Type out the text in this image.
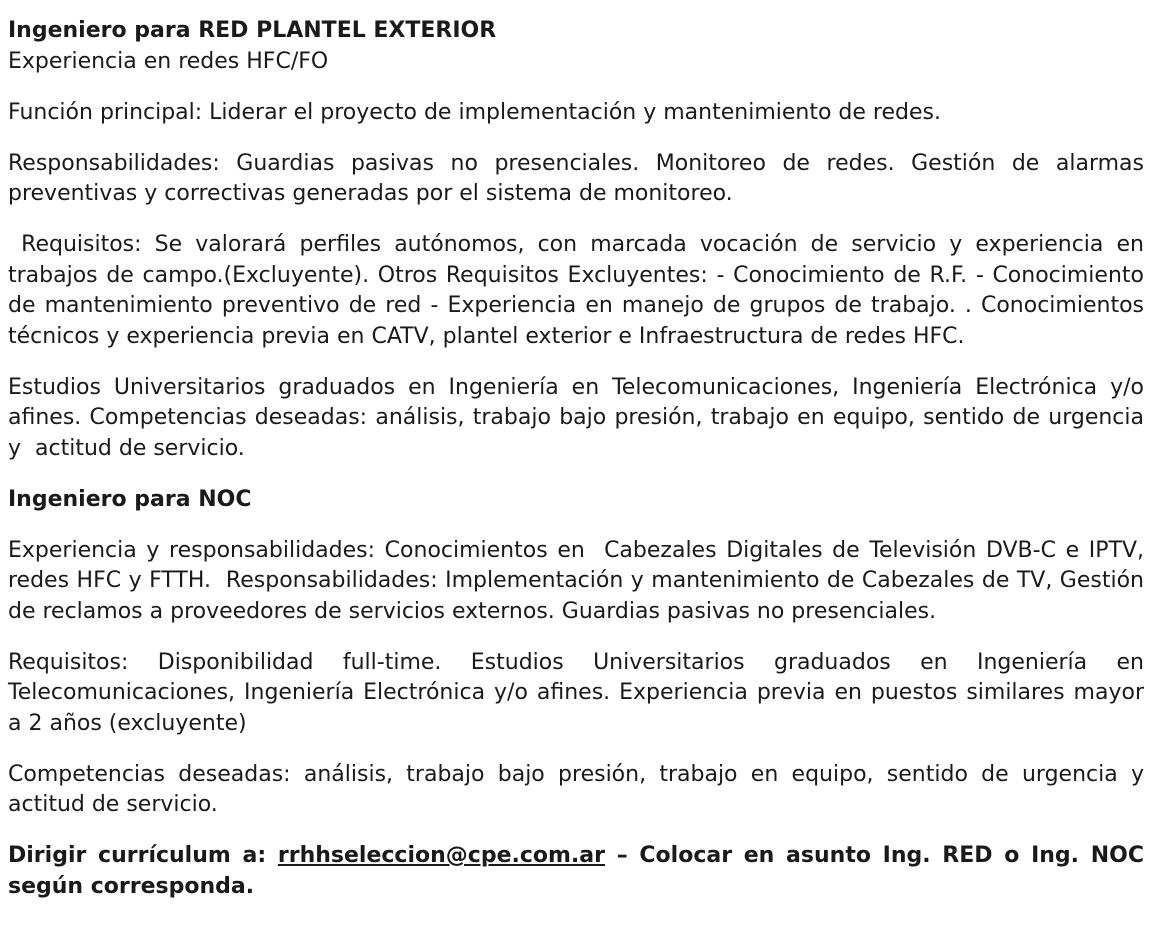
Ingeniero para RED PLANTEL EXTERIOR

Experiencia en redes HFC/FO

Función principal: Liderar el proyecto de implementación y mantenimiento de redes.

Responsabilidades: Guardias pasivas no presenciales. Monitoreo de redes. Gestión de alarmas preventivas y correctivas generadas por el sistema de monitoreo.

Requisitos: Se valorará perfiles autónomos, con marcada vocación de servicio y experiencia en trabajos de campo.(Excluyente). Otros Requisitos Excluyentes: - Conocimiento de R.F. - Conocimiento de mantenimiento preventivo de red - Experiencia en manejo de grupos de trabajo. . Conocimientos técnicos y experiencia previa en CATV, plantel exterior e Infraestructura de redes HFC.

Estudios Universitarios graduados en Ingeniería en Telecomunicaciones, Ingeniería Electrónica y/o afines. Competencias deseadas: análisis, trabajo bajo presión, trabajo en equipo, sentido de urgencia y  actitud de servicio.

Ingeniero para NOC

Experiencia y responsabilidades: Conocimientos en  Cabezales Digitales de Televisión DVB-C e IPTV, redes HFC y FTTH.  Responsabilidades: Implementación y mantenimiento de Cabezales de TV, Gestión de reclamos a proveedores de servicios externos. Guardias pasivas no presenciales.

Requisitos: Disponibilidad full-time. Estudios Universitarios graduados en Ingeniería en Telecomunicaciones, Ingeniería Electrónica y/o afines. Experiencia previa en puestos similares mayor a 2 años (excluyente)

Competencias deseadas: análisis, trabajo bajo presión, trabajo en equipo, sentido de urgencia y actitud de servicio.

Dirigir currículum a: rrhhseleccion@cpe.com.ar – Colocar en asunto Ing. RED o Ing. NOC según corresponda.
